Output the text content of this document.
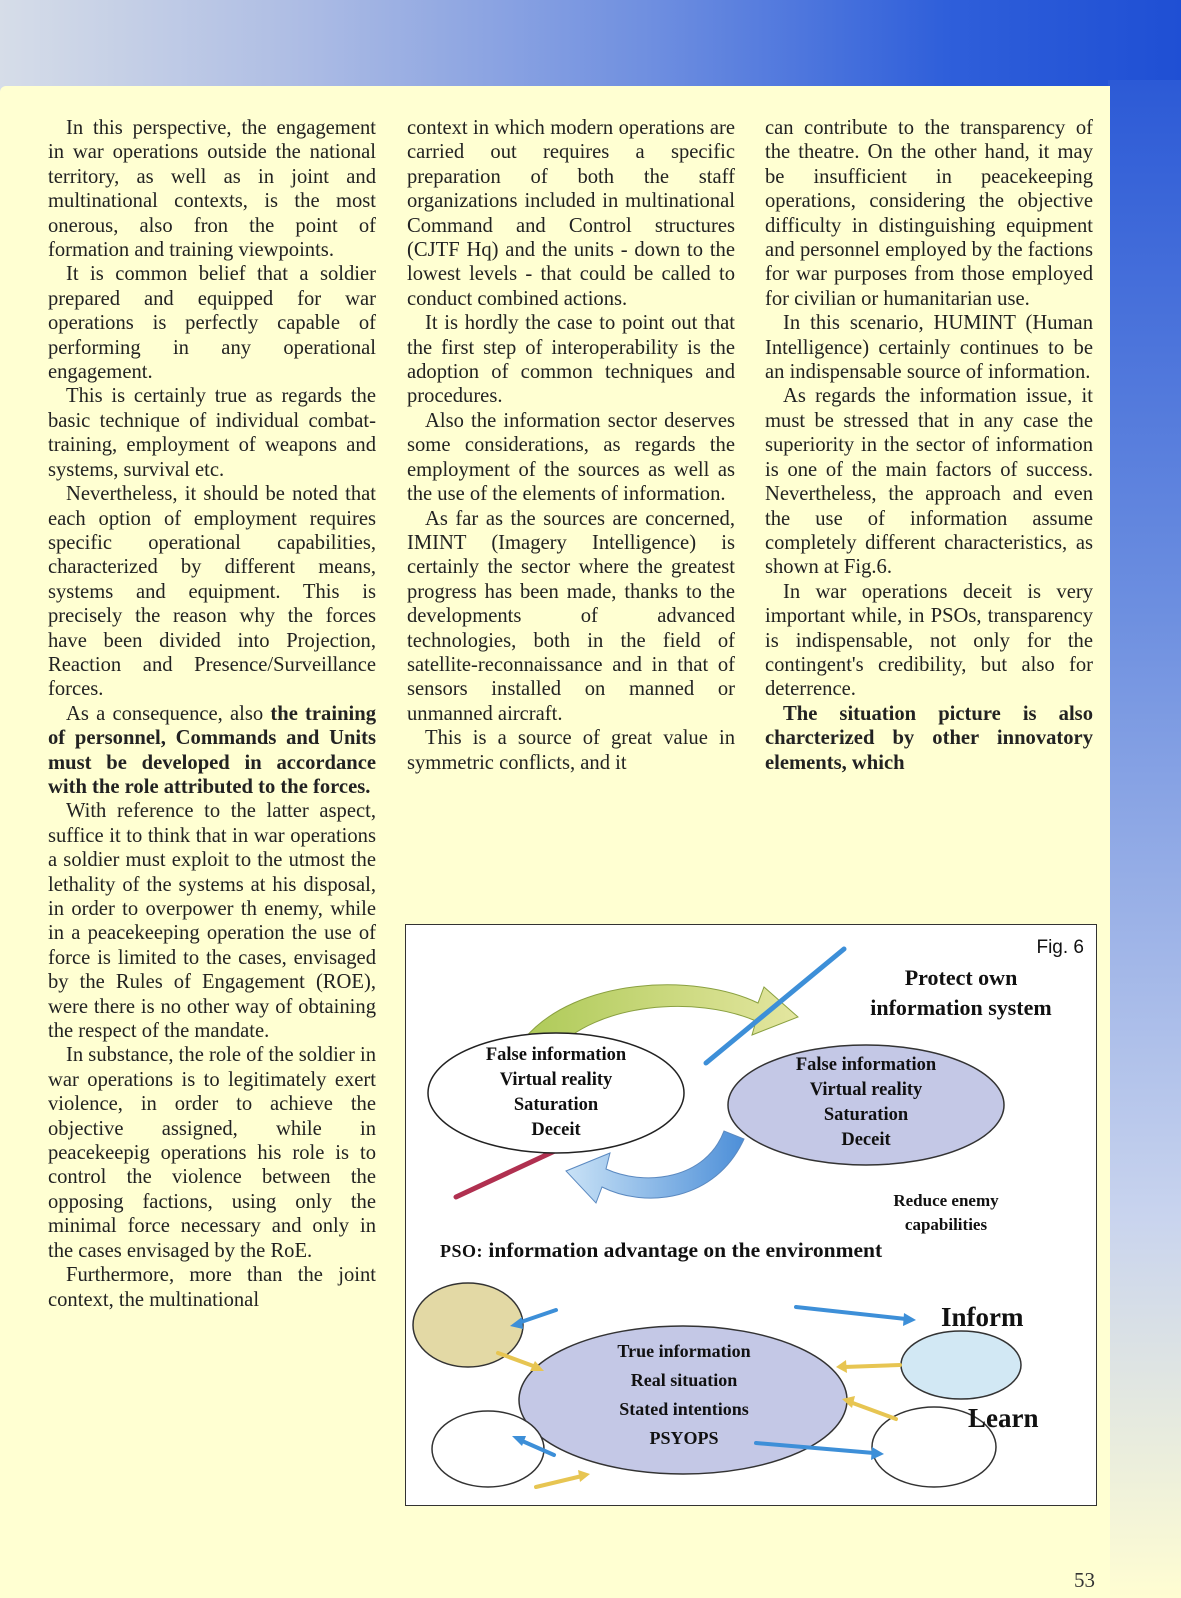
In this perspective, the engagement in war operations outside the national territory, as well as in joint and multinational contexts, is the most onerous, also fron the point of formation and training viewpoints.

It is common belief that a soldier prepared and equipped for war operations is perfectly capable of performing in any operational engagement.

This is certainly true as regards the basic technique of individual combat-training, employment of weapons and systems, survival etc.

Nevertheless, it should be noted that each option of employment requires specific operational capabilities, characterized by different means, systems and equipment. This is precisely the reason why the forces have been divided into Projection, Reaction and Presence/Surveillance forces.

As a consequence, also the training of personnel, Commands and Units must be developed in accordance with the role attributed to the forces.

With reference to the latter aspect, suffice it to think that in war operations a soldier must exploit to the utmost the lethality of the systems at his disposal, in order to overpower th enemy, while in a peacekeeping operation the use of force is limited to the cases, envisaged by the Rules of Engagement (ROE), were there is no other way of obtaining the respect of the mandate.

In substance, the role of the soldier in war operations is to legitimately exert violence, in order to achieve the objective assigned, while in peacekeepig operations his role is to control the violence between the opposing factions, using only the minimal force necessary and only in the cases envisaged by the RoE.

Furthermore, more than the joint context, the multinational

context in which modern operations are carried out requires a specific preparation of both the staff organizations included in multinational Command and Control structures (CJTF Hq) and the units - down to the lowest levels - that could be called to conduct combined actions.

It is hordly the case to point out that the first step of interoperability is the adoption of common techniques and procedures.

Also the information sector deserves some considerations, as regards the employment of the sources as well as the use of the elements of information.

As far as the sources are concerned, IMINT (Imagery Intelligence) is certainly the sector where the greatest progress has been made, thanks to the developments of advanced technologies, both in the field of satellite-reconnaissance and in that of sensors installed on manned or unmanned aircraft.

This is a source of great value in symmetric conflicts, and it

can contribute to the transparency of the theatre. On the other hand, it may be insufficient in peacekeeping operations, considering the objective difficulty in distinguishing equipment and personnel employed by the factions for war purposes from those employed for civilian or humanitarian use.

In this scenario, HUMINT (Human Intelligence) certainly continues to be an indispensable source of information.

As regards the information issue, it must be stressed that in any case the superiority in the sector of information is one of the main factors of success. Nevertheless, the approach and even the use of information assume completely different characteristics, as shown at Fig.6.

In war operations deceit is very important while, in PSOs, transparency is indispensable, not only for the contingent's credibility, but also for deterrence.

The situation picture is also charcterized by other innovatory elements, which

Fig. 6
Protect own
information system
False information
Virtual reality
Saturation
Deceit
False information
Virtual reality
Saturation
Deceit
Reduce enemy
capabilities
PSO: information advantage on the environment
True information
Real situation
Stated intentions
PSYOPS
Inform
Learn
53
